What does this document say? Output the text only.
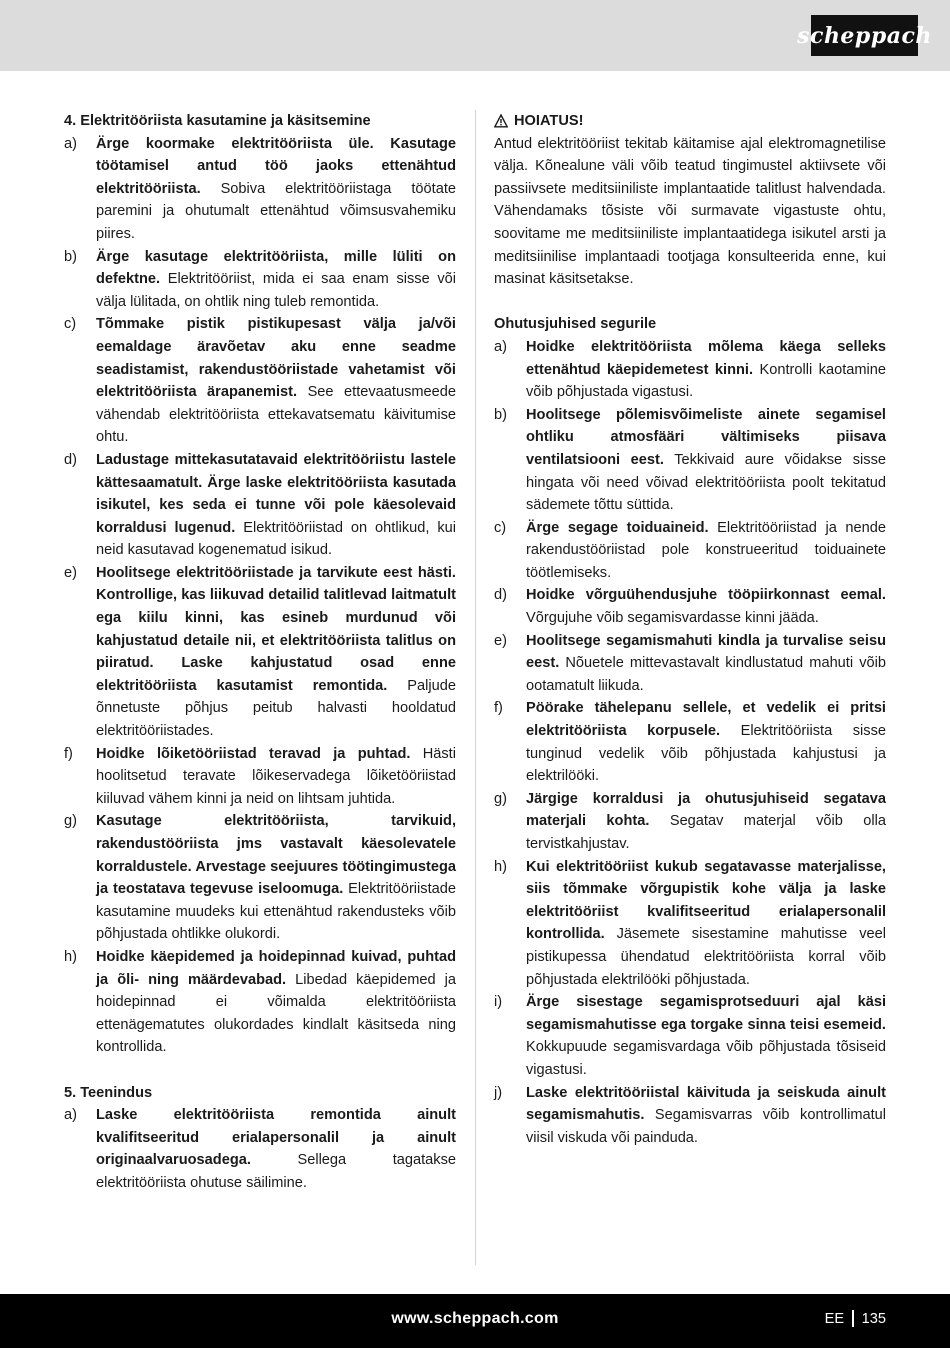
scheppach
4. Elektritööriista kasutamine ja käsitsemine
a)	Ärge koormake elektritööriista üle. Kasutage töötamisel antud töö jaoks ettenähtud elektritööriista. Sobiva elektritööriistaga töötate paremini ja ohutumalt ettenähtud võimsusvahemiku piires.
b)	Ärge kasutage elektritööriista, mille lüliti on defektne. Elektritööriist, mida ei saa enam sisse või välja lülitada, on ohtlik ning tuleb remontida.
c)	Tõmmake pistik pistikupesast välja ja/või eemaldage äravõetav aku enne seadme seadistamist, rakendustööriistade vahetamist või elektritööriista ärapanemist. See ettevaatusmeede vähendab elektritööriista ettekavatsematu käivitumise ohtu.
d)	Ladustage mittekasutatavaid elektritööriistu lastele kättesaamatult. Ärge laske elektritööriista kasutada isikutel, kes seda ei tunne või pole käesolevaid korraldusi lugenud. Elektritööriistad on ohtlikud, kui neid kasutavad kogenematud isikud.
e)	Hoolitsege elektritööriistade ja tarvikute eest hästi. Kontrollige, kas liikuvad detailid talitlevad laitmatult ega kiilu kinni, kas esineb murdunud või kahjustatud detaile nii, et elektritööriista talitlus on piiratud. Laske kahjustatud osad enne elektritööriista kasutamist remontida. Paljude õnnetuste põhjus peitub halvasti hooldatud elektritööriistades.
f)	Hoidke lõiketööriistad teravad ja puhtad. Hästi hoolitsetud teravate lõikeservadega lõiketööriistad kiiluvad vähem kinni ja neid on lihtsam juhtida.
g)	Kasutage elektritööriista, tarvikuid, rakendustööriista jms vastavalt käesolevatele korraldustele. Arvestage seejuures töötingimustega ja teostatava tegevuse iseloomuga. Elektritööriistade kasutamine muudeks kui ettenähtud rakendusteks võib põhjustada ohtlikke olukordi.
h)	Hoidke käepidemed ja hoidepinnad kuivad, puhtad ja õli- ning määrdevabad. Libedad käepidemed ja hoidepinnad ei võimalda elektritööriista ettenägematutes olukordades kindlalt käsitseda ning kontrollida.
5. Teenindus
a)	Laske elektritööriista remontida ainult kvalifitseeritud erialapersonalil ja ainult originaalvaruosadega. Sellega tagatakse elektritööriista ohutuse säilimine.
HOIATUS!
Antud elektritööriist tekitab käitamise ajal elektromagnetilise välja. Kõnealune väli võib teatud tingimustel aktiivsete või passiivsete meditsiiniliste implantaatide talitlust halvendada. Vähendamaks tõsiste või surmavate vigastuste ohtu, soovitame me meditsiiniliste implantaatidega isikutel arsti ja meditsiinilise implantaadi tootjaga konsulteerida enne, kui masinat käsitsetakse.
Ohutusjuhised segurile
a)	Hoidke elektritööriista mõlema käega selleks ettenähtud käepidemetest kinni. Kontrolli kaotamine võib põhjustada vigastusi.
b)	Hoolitsege põlemisvõimeliste ainete segamisel ohtliku atmosfääri vältimiseks piisava ventilatsiooni eest. Tekkivaid aure võidakse sisse hingata või need võivad elektritööriista poolt tekitatud sädemete tõttu süttida.
c)	Ärge segage toiduaineid. Elektritööriistad ja nende rakendustööriistad pole konstrueeritud toiduainete töötlemiseks.
d)	Hoidke võrguühendusjuhe tööpiirkonnast eemal. Võrgujuhe võib segamisvardasse kinni jääda.
e)	Hoolitsege segamismahuti kindla ja turvalise seisu eest. Nõuetele mittevastavalt kindlustatud mahuti võib ootamatult liikuda.
f)	Pöörake tähelepanu sellele, et vedelik ei pritsi elektritööriista korpusele. Elektritööriista sisse tunginud vedelik võib põhjustada kahjustusi ja elektrilööki.
g)	Järgige korraldusi ja ohutusjuhiseid segatava materjali kohta. Segatav materjal võib olla tervistkahjustav.
h)	Kui elektritööriist kukub segatavasse materjalisse, siis tõmmake võrgupistik kohe välja ja laske elektritööriist kvalifitseeritud erialapersonalil kontrollida. Jäsemete sisestamine mahutisse veel pistikupessa ühendatud elektritööriista korral võib põhjustada elektrilööki põhjustada.
i)	Ärge sisestage segamisprotseduuri ajal käsi segamismahutisse ega torgake sinna teisi esemeid. Kokkupuude segamisvardaga võib põhjustada tõsiseid vigastusi.
j)	Laske elektritööriistal käivituda ja seiskuda ainult segamismahutis. Segamisvarras võib kontrollimatul viisil viskuda või painduda.
www.scheppach.com	EE 135
